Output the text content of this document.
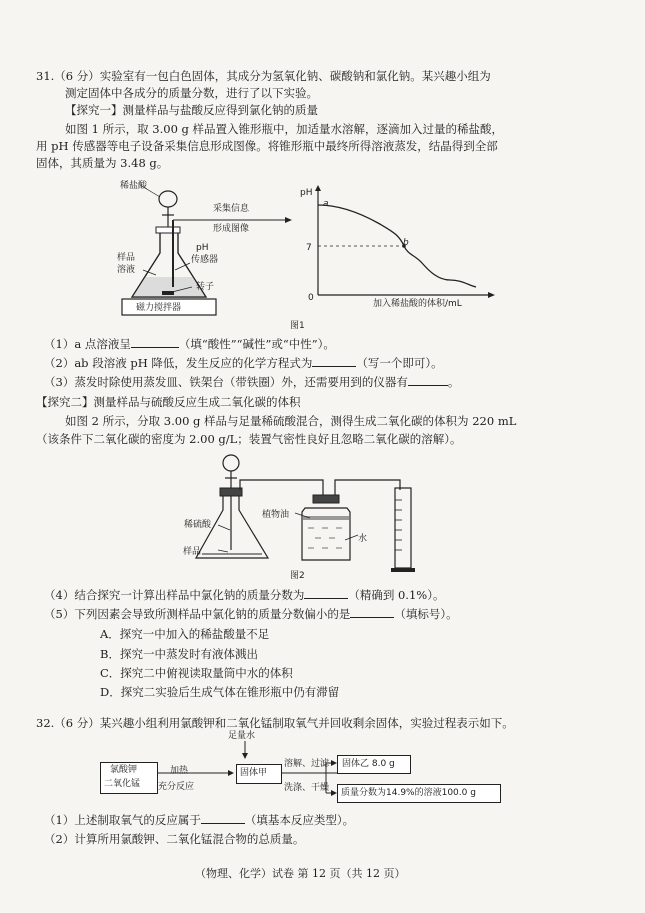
31.（6 分）实验室有一包白色固体，其成分为氢氧化钠、碳酸钠和氯化钠。某兴趣小组为
测定固体中各成分的质量分数，进行了以下实验。
【探究一】测量样品与盐酸反应得到氯化钠的质量
如图 1 所示，取 3.00 g 样品置入锥形瓶中，加适量水溶解，逐滴加入过量的稀盐酸，
用 pH 传感器等电子设备采集信息形成图像。将锥形瓶中最终所得溶液蒸发，结晶得到全部
固体，其质量为 3.48 g。
稀盐酸
采集信息
形成图像
样品
溶液
pH
传感器
转子
磁力搅拌器
图1
pH
7
0
加入稀盐酸的体积/mL
a
b
（1）a 点溶液呈	（填“酸性”“碱性”或“中性”）。
（2）ab 段溶液 pH 降低，发生反应的化学方程式为	（写一个即可）。
（3）蒸发时除使用蒸发皿、铁架台（带铁圈）外，还需要用到的仪器有	。
【探究二】测量样品与硫酸反应生成二氧化碳的体积
如图 2 所示，分取 3.00 g 样品与足量稀硫酸混合，测得生成二氧化碳的体积为 220 mL
（该条件下二氧化碳的密度为 2.00 g/L；装置气密性良好且忽略二氧化碳的溶解）。
稀硫酸
样品
植物油
水
图2
（4）结合探究一计算出样品中氯化钠的质量分数为	（精确到 0.1%）。
（5）下列因素会导致所测样品中氯化钠的质量分数偏小的是	（填标号）。
A．探究一中加入的稀盐酸量不足
B．探究一中蒸发时有液体溅出
C．探究二中俯视读取量筒中水的体积
D．探究二实验后生成气体在锥形瓶中仍有滞留
32.（6 分）某兴趣小组利用氯酸钾和二氧化锰制取氧气并回收剩余固体，实验过程表示如下。
氯酸钾
二氧化锰
加热
充分反应
足量水
固体甲
溶解、过滤
洗涤、干燥
固体乙 8.0 g
质量分数为14.9%的溶液100.0 g
（1）上述制取氧气的反应属于	（填基本反应类型）。
（2）计算所用氯酸钾、二氧化锰混合物的总质量。
（物理、化学）试卷 第 12 页（共 12 页）
